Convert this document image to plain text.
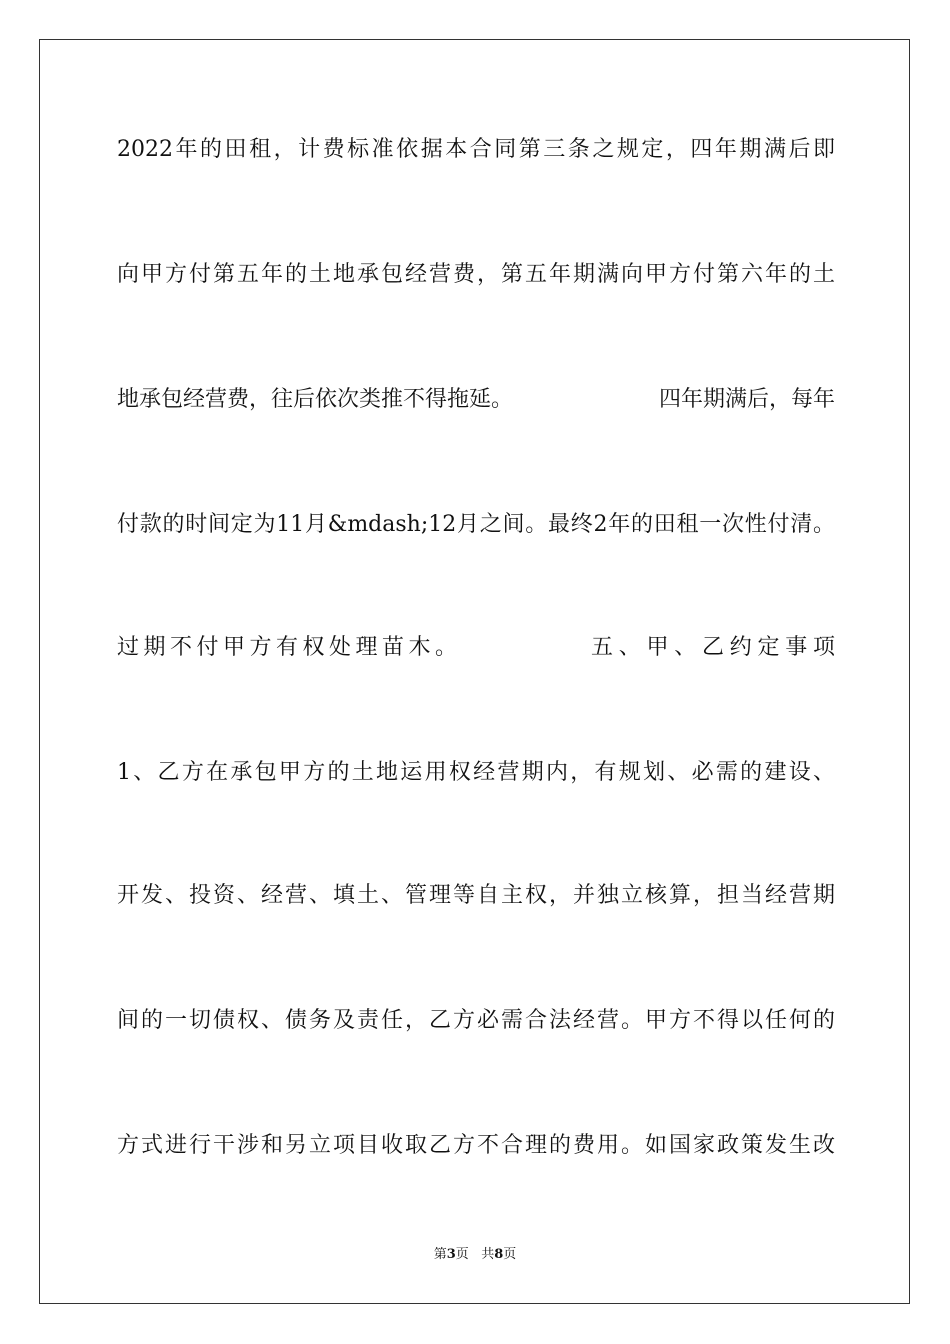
2022年的田租，计费标准依据本合同第三条之规定，四年期满后即
向甲方付第五年的土地承包经营费，第五年期满向甲方付第六年的土
地承包经营费，往后依次类推不得拖延。	四年期满后，每年
付款的时间定为11月&mdash;12月之间。最终2年的田租一次性付清。
过期不付甲方有权处理苗木。	五、甲、乙约定事项
1、乙方在承包甲方的土地运用权经营期内，有规划、必需的建设、
开发、投资、经营、填土、管理等自主权，并独立核算，担当经营期
间的一切债权、债务及责任，乙方必需合法经营。甲方不得以任何的
方式进行干涉和另立项目收取乙方不合理的费用。如国家政策发生改
第3页 共8页
